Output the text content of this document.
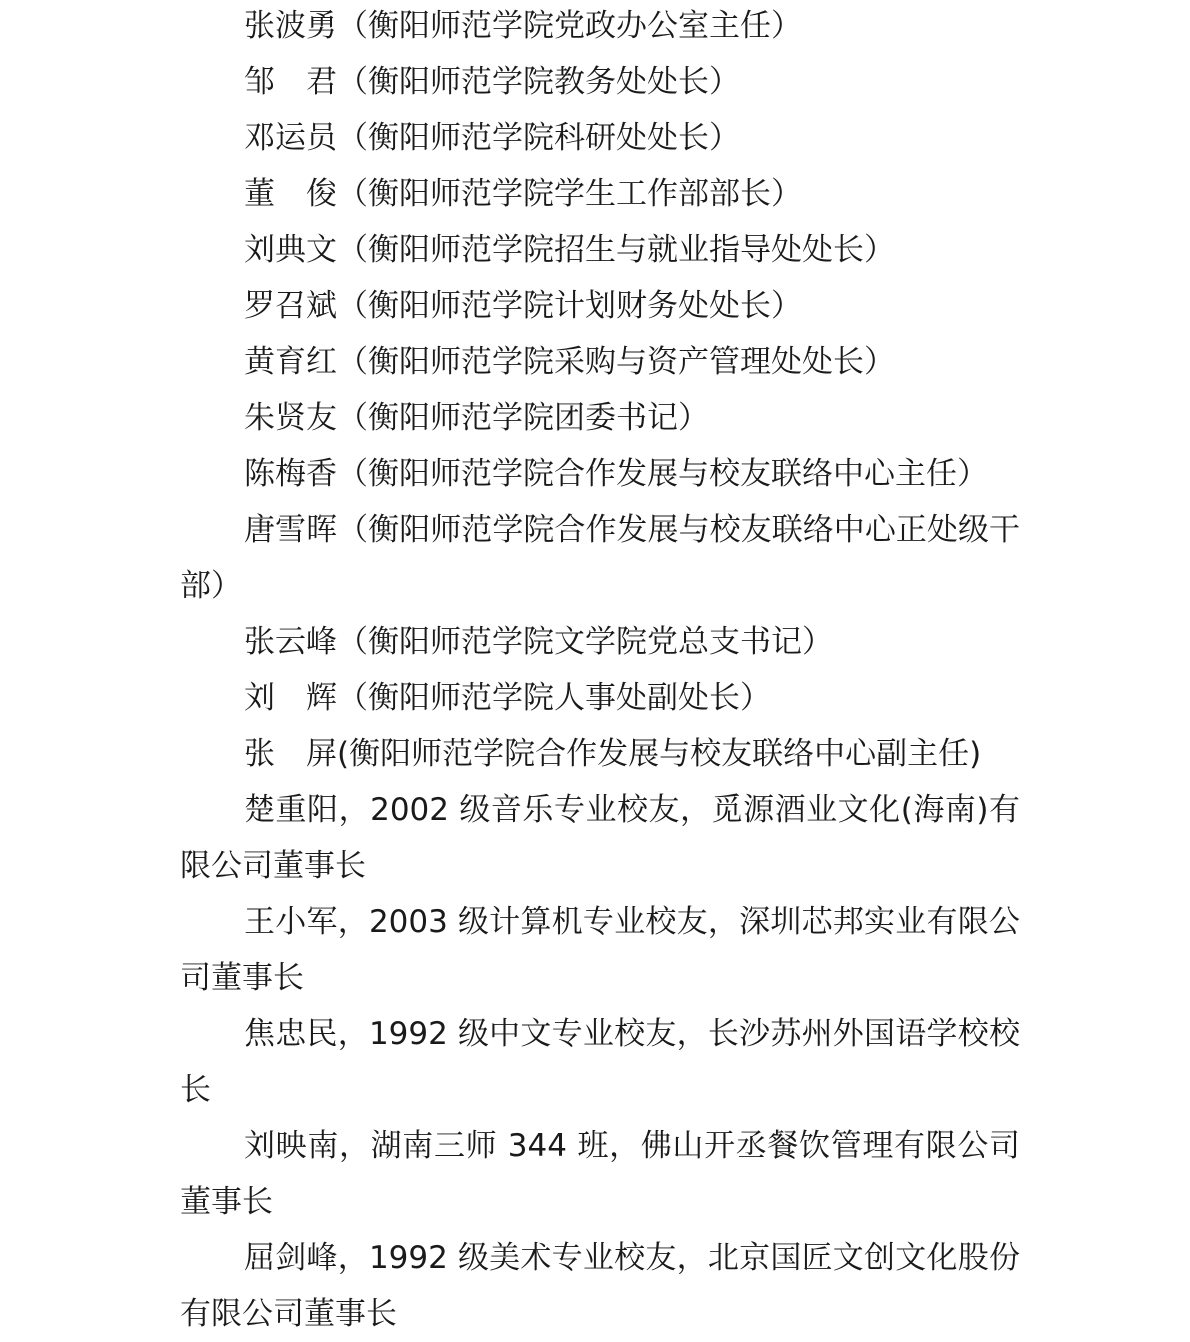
张波勇（衡阳师范学院党政办公室主任）

邹　君（衡阳师范学院教务处处长）

邓运员（衡阳师范学院科研处处长）

董　俊（衡阳师范学院学生工作部部长）

刘典文（衡阳师范学院招生与就业指导处处长）

罗召斌（衡阳师范学院计划财务处处长）

黄育红（衡阳师范学院采购与资产管理处处长）

朱贤友（衡阳师范学院团委书记）

陈梅香（衡阳师范学院合作发展与校友联络中心主任）

唐雪晖（衡阳师范学院合作发展与校友联络中心正处级干部）

张云峰（衡阳师范学院文学院党总支书记）

刘　辉（衡阳师范学院人事处副处长）

张　屏(衡阳师范学院合作发展与校友联络中心副主任)

楚重阳，2002 级音乐专业校友，觅源酒业文化(海南)有限公司董事长

王小军，2003 级计算机专业校友，深圳芯邦实业有限公司董事长

焦忠民，1992 级中文专业校友，长沙苏州外国语学校校长

刘映南，湖南三师 344 班，佛山开丞餐饮管理有限公司董事长

屈剑峰，1992 级美术专业校友，北京国匠文创文化股份有限公司董事长
